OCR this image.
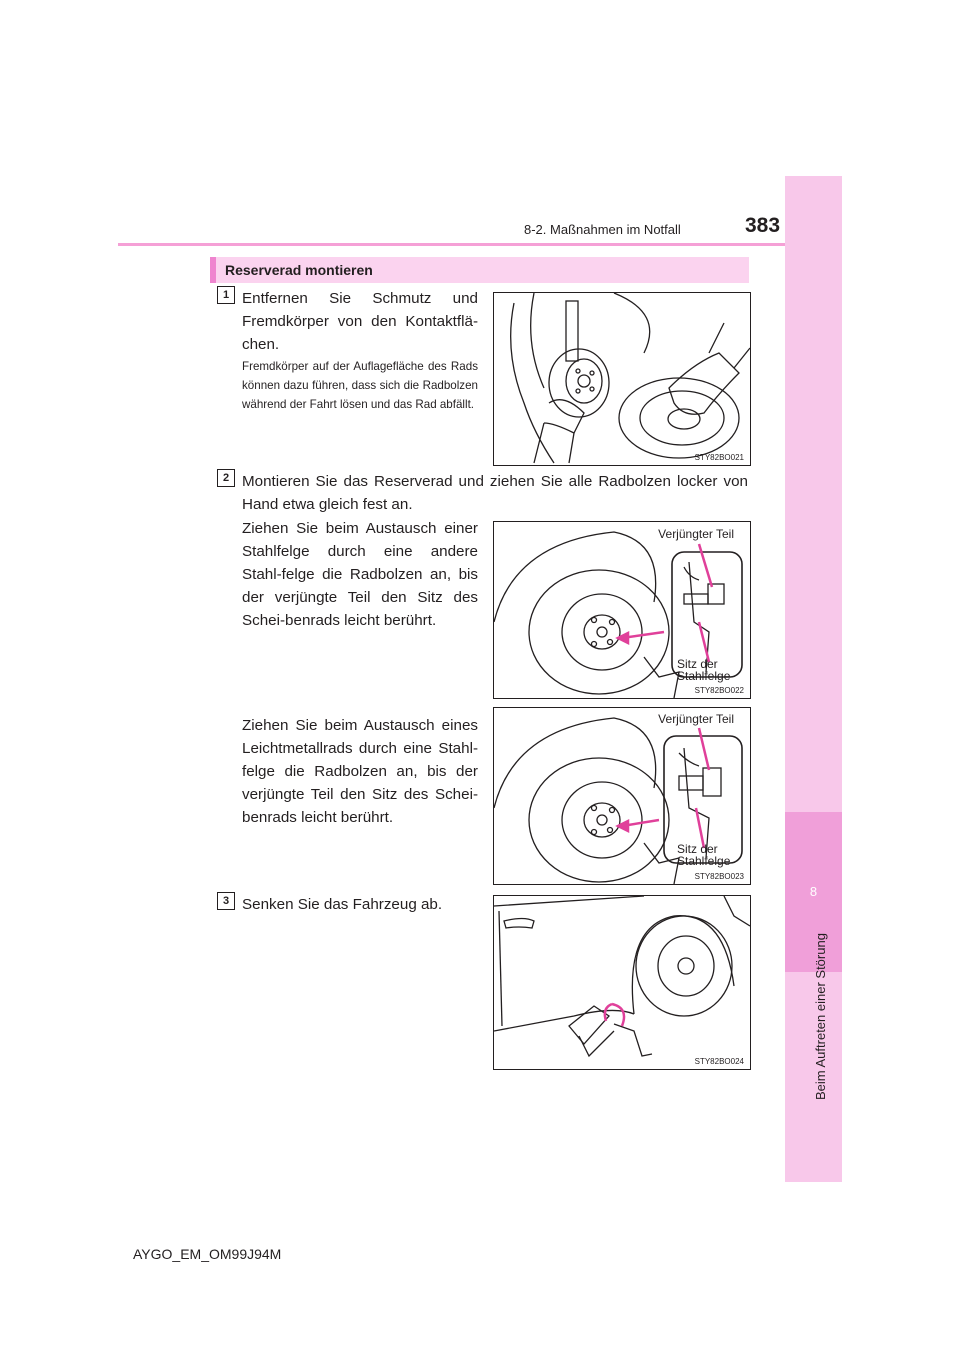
8-2. Maßnahmen im Notfall	383
8
Beim Auftreten einer Störung
Reserverad montieren
1 Entfernen Sie Schmutz und Fremdkörper von den Kontaktflä-chen.
Fremdkörper auf der Auflagefläche des Rads können dazu führen, dass sich die Radbolzen während der Fahrt lösen und das Rad abfällt.
STY82BO021
2 Montieren Sie das Reserverad und ziehen Sie alle Radbolzen locker von Hand etwa gleich fest an.
Ziehen Sie beim Austausch einer Stahlfelge durch eine andere Stahl-felge die Radbolzen an, bis der verjüngte Teil den Sitz des Schei-benrads leicht berührt.
STY82BO022
Verjüngter Teil
Sitz der
Stahlfelge
Ziehen Sie beim Austausch eines Leichtmetallrads durch eine Stahl-felge die Radbolzen an, bis der verjüngte Teil den Sitz des Schei-benrads leicht berührt.
STY82BO023
Verjüngter Teil
Sitz der
Stahlfelge
3 Senken Sie das Fahrzeug ab.
STY82BO024
AYGO_EM_OM99J94M
